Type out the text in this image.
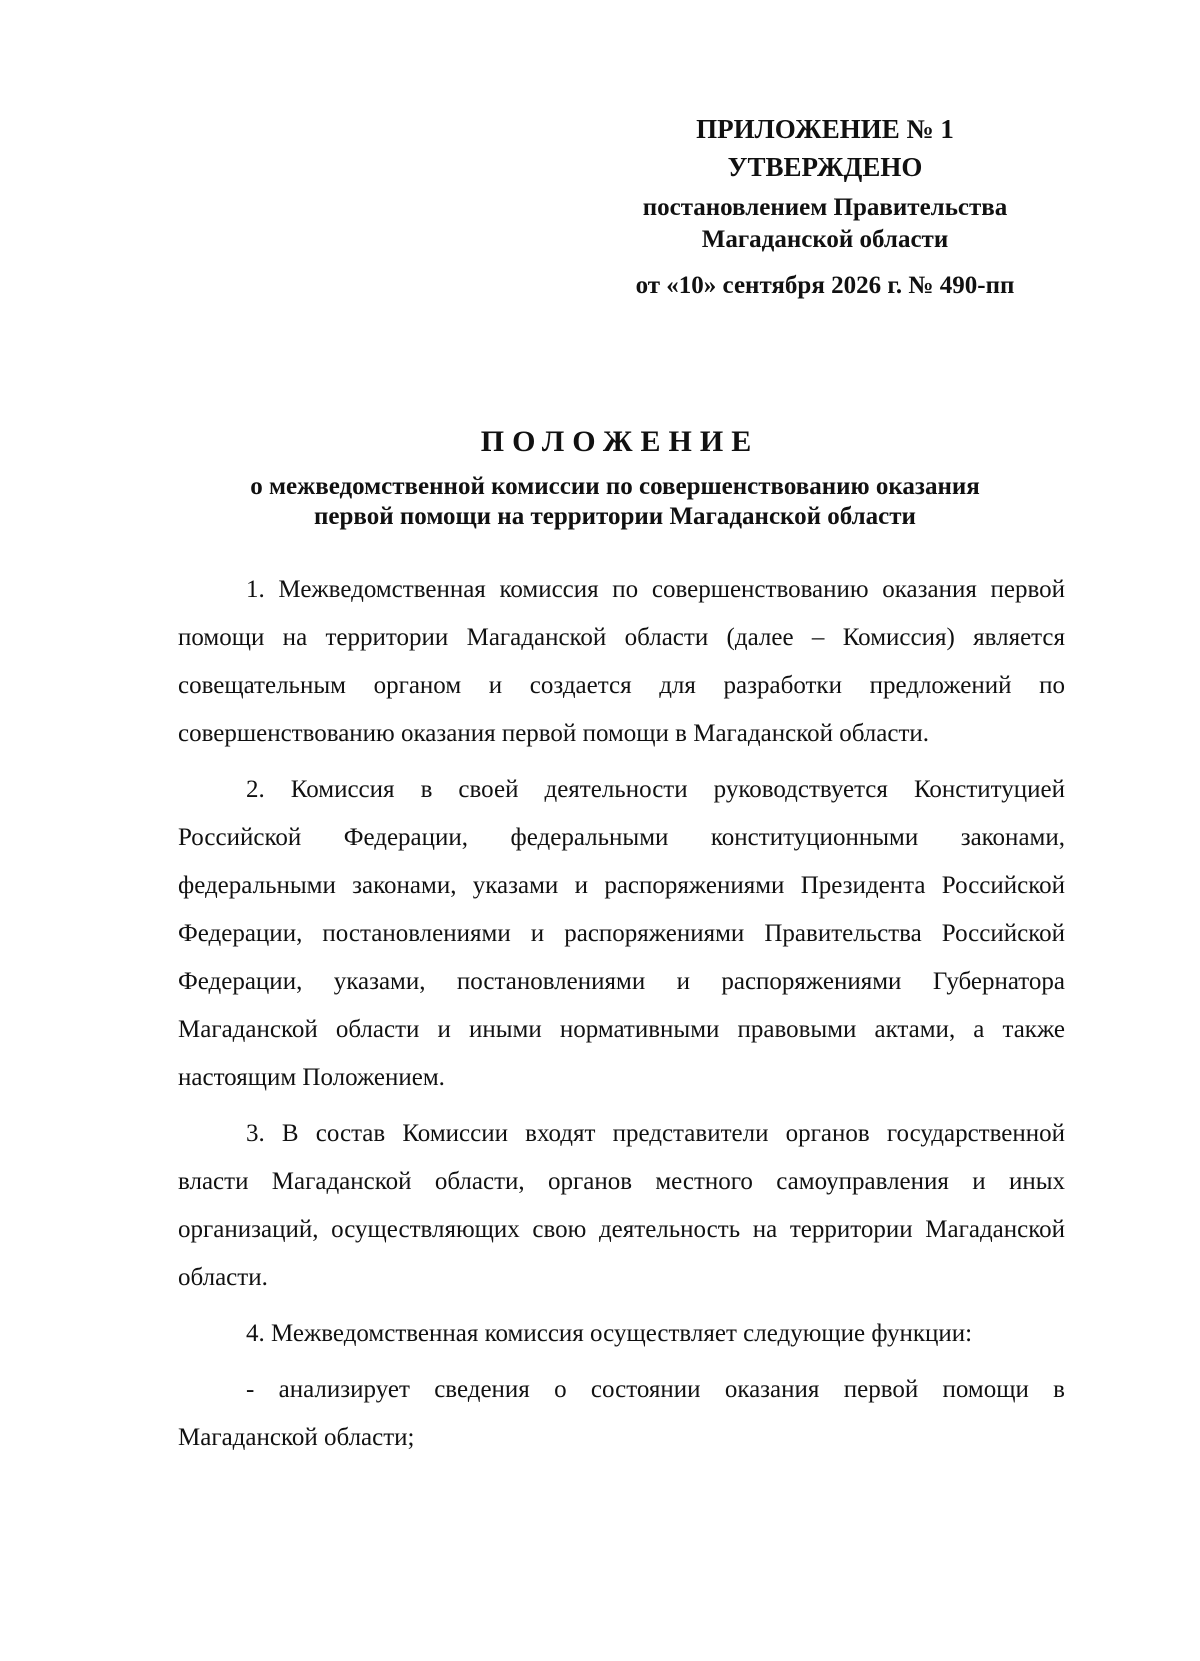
ПРИЛОЖЕНИЕ № 1
УТВЕРЖДЕНО
постановлением Правительства
Магаданской области
от «10» сентября 2026 г. № 490-пп
ПОЛОЖЕНИЕ
о межведомственной комиссии по совершенствованию оказания
первой помощи на территории Магаданской области

1. Межведомственная комиссия по совершенствованию оказания первой помощи на территории Магаданской области (далее – Комиссия) является совещательным органом и создается для разработки предложений по совершенствованию оказания первой помощи в Магаданской области.

2. Комиссия в своей деятельности руководствуется Конституцией Российской Федерации, федеральными конституционными законами, федеральными законами, указами и распоряжениями Президента Российской Федерации, постановлениями и распоряжениями Правительства Российской Федерации, указами, постановлениями и распоряжениями Губернатора Магаданской области и иными нормативными правовыми актами, а также настоящим Положением.

3. В состав Комиссии входят представители органов государственной власти Магаданской области, органов местного самоуправления и иных организаций, осуществляющих свою деятельность на территории Магаданской области.

4. Межведомственная комиссия осуществляет следующие функции:

- анализирует сведения о состоянии оказания первой помощи в Магаданской области;
